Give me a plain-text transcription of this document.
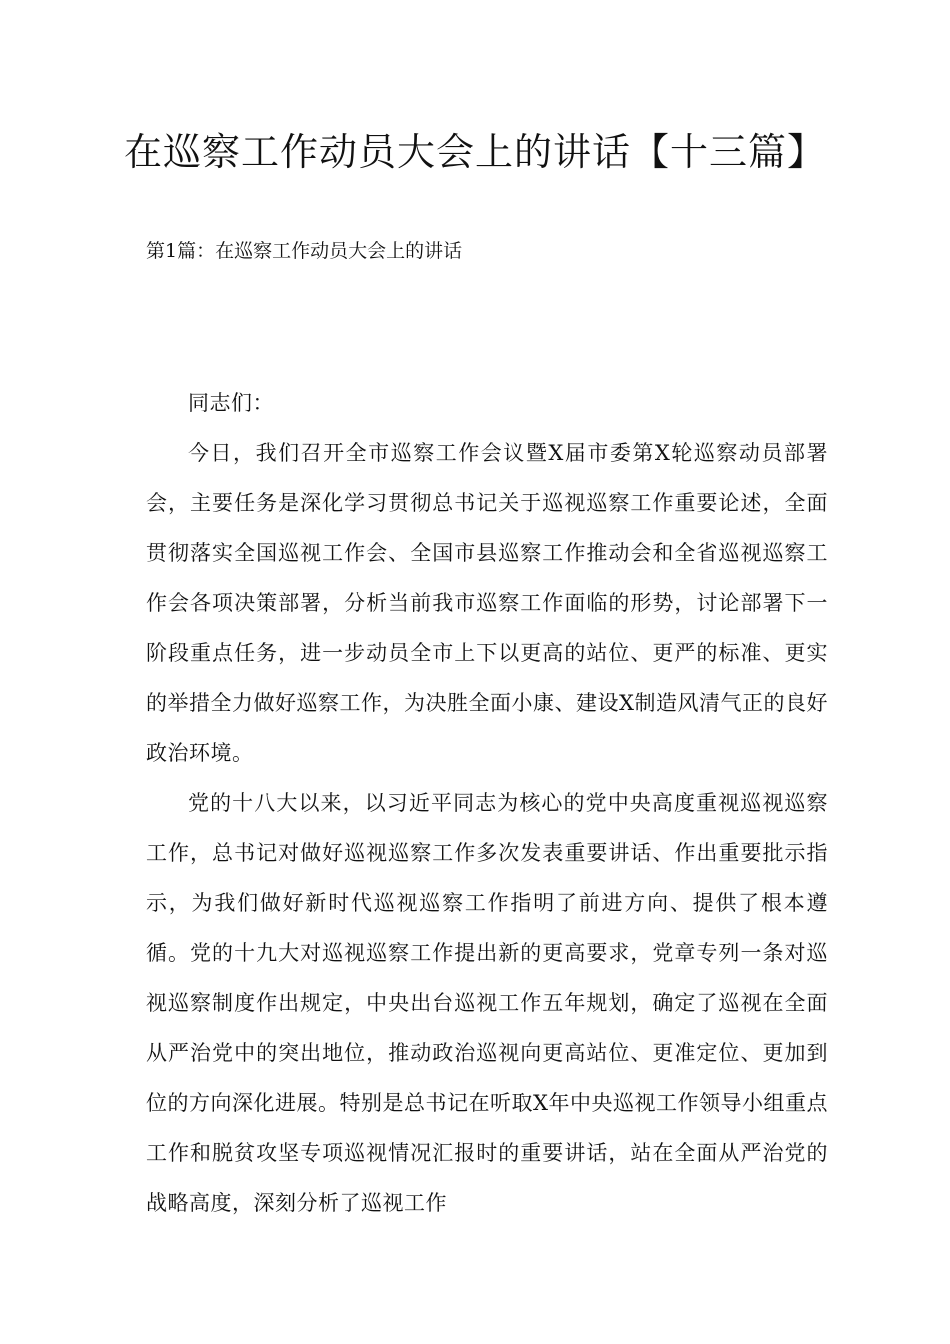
在巡察工作动员大会上的讲话【十三篇】
第1篇：在巡察工作动员大会上的讲话

同志们：

今日，我们召开全市巡察工作会议暨X届市委第X轮巡察动员部署会，主要任务是深化学习贯彻总书记关于巡视巡察工作重要论述，全面贯彻落实全国巡视工作会、全国市县巡察工作推动会和全省巡视巡察工作会各项决策部署，分析当前我市巡察工作面临的形势，讨论部署下一阶段重点任务，进一步动员全市上下以更高的站位、更严的标准、更实的举措全力做好巡察工作，为决胜全面小康、建设X制造风清气正的良好政治环境。

党的十八大以来，以习近平同志为核心的党中央高度重视巡视巡察工作，总书记对做好巡视巡察工作多次发表重要讲话、作出重要批示指示，为我们做好新时代巡视巡察工作指明了前进方向、提供了根本遵循。党的十九大对巡视巡察工作提出新的更高要求，党章专列一条对巡视巡察制度作出规定，中央出台巡视工作五年规划，确定了巡视在全面从严治党中的突出地位，推动政治巡视向更高站位、更准定位、更加到位的方向深化进展。特别是总书记在听取X年中央巡视工作领导小组重点工作和脱贫攻坚专项巡视情况汇报时的重要讲话，站在全面从严治党的战略高度，深刻分析了巡视工作
